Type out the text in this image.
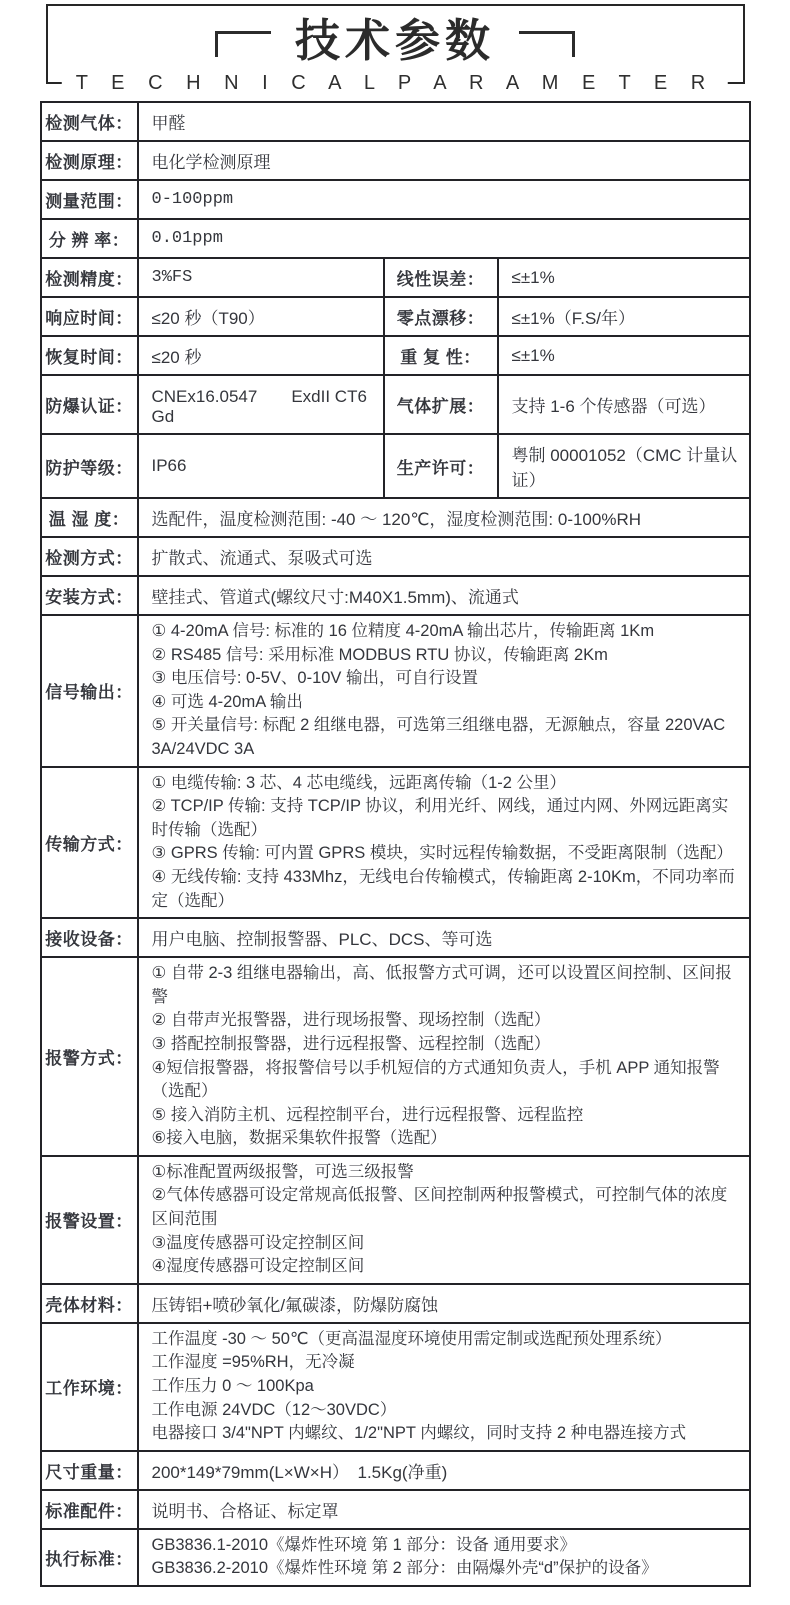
技术参数
T E C H N I C A L P A R A M E T E R
检测气体：	甲醛		
检测原理：	电化学检测原理		
测量范围：	0-100ppm		
分 辨 率：	0.01ppm		
检测精度：	3%FS	线性误差：	≤±1%
响应时间：	≤20 秒（T90）	零点漂移：	≤±1%（F.S/年）
恢复时间：	≤20 秒	重 复 性：	≤±1%
防爆认证：	CNEx16.0547　　ExdII CT6 Gd	气体扩展：	支持 1-6 个传感器（可选）
防护等级：	IP66	生产许可：	粤制 00001052（CMC 计量认证）
温 湿 度：	选配件，温度检测范围: -40 ～ 120℃，湿度检测范围: 0-100%RH		
检测方式：	扩散式、流通式、泵吸式可选		
安装方式：	壁挂式、管道式(螺纹尺寸:M40X1.5mm)、流通式		
信号输出：	① 4-20mA 信号: 标准的 16 位精度 4-20mA 输出芯片，传输距离 1Km
② RS485 信号: 采用标准 MODBUS RTU 协议，传输距离 2Km
③ 电压信号: 0-5V、0-10V 输出，可自行设置
④ 可选 4-20mA 输出
⑤ 开关量信号: 标配 2 组继电器，可选第三组继电器，无源触点，容量 220VAC 3A/24VDC 3A		

传输方式：	① 电缆传输: 3 芯、4 芯电缆线，远距离传输（1-2 公里）
② TCP/IP 传输: 支持 TCP/IP 协议，利用光纤、网线，通过内网、外网远距离实时传输（选配）
③ GPRS 传输: 可内置 GPRS 模块，实时远程传输数据，不受距离限制（选配）
④ 无线传输: 支持 433Mhz，无线电台传输模式，传输距离 2-10Km，不同功率而定（选配）		

接收设备：	用户电脑、控制报警器、PLC、DCS、等可选		
报警方式：	
① 自带 2-3 组继电器输出，高、低报警方式可调，还可以设置区间控制、区间报警
② 自带声光报警器，进行现场报警、现场控制（选配）
③ 搭配控制报警器，进行远程报警、远程控制（选配）
④短信报警器，将报警信号以手机短信的方式通知负责人，手机 APP 通知报警（选配）
⑤ 接入消防主机、远程控制平台，进行远程报警、远程监控
⑥接入电脑，数据采集软件报警（选配）

报警设置：	①标准配置两级报警，可选三级报警
②气体传感器可设定常规高低报警、区间控制两种报警模式，可控制气体的浓度区间范围
③温度传感器可设定控制区间
④湿度传感器可设定控制区间		

壳体材料：	压铸铝+喷砂氧化/氟碳漆，防爆防腐蚀		
工作环境：	工作温度 -30 ～ 50℃（更高温湿度环境使用需定制或选配预处理系统）
工作湿度 =95%RH，无冷凝
工作压力 0 ～ 100Kpa
工作电源 24VDC（12～30VDC）
电器接口 3/4"NPT 内螺纹、1/2"NPT 内螺纹，同时支持 2 种电器连接方式		

尺寸重量：	200*149*79mm(L×W×H）　1.5Kg(净重)		
标准配件：	说明书、合格证、标定罩		
执行标准：	GB3836.1-2010《爆炸性环境 第 1 部分：设备 通用要求》
GB3836.2-2010《爆炸性环境 第 2 部分：由隔爆外壳“d”保护的设备》		
